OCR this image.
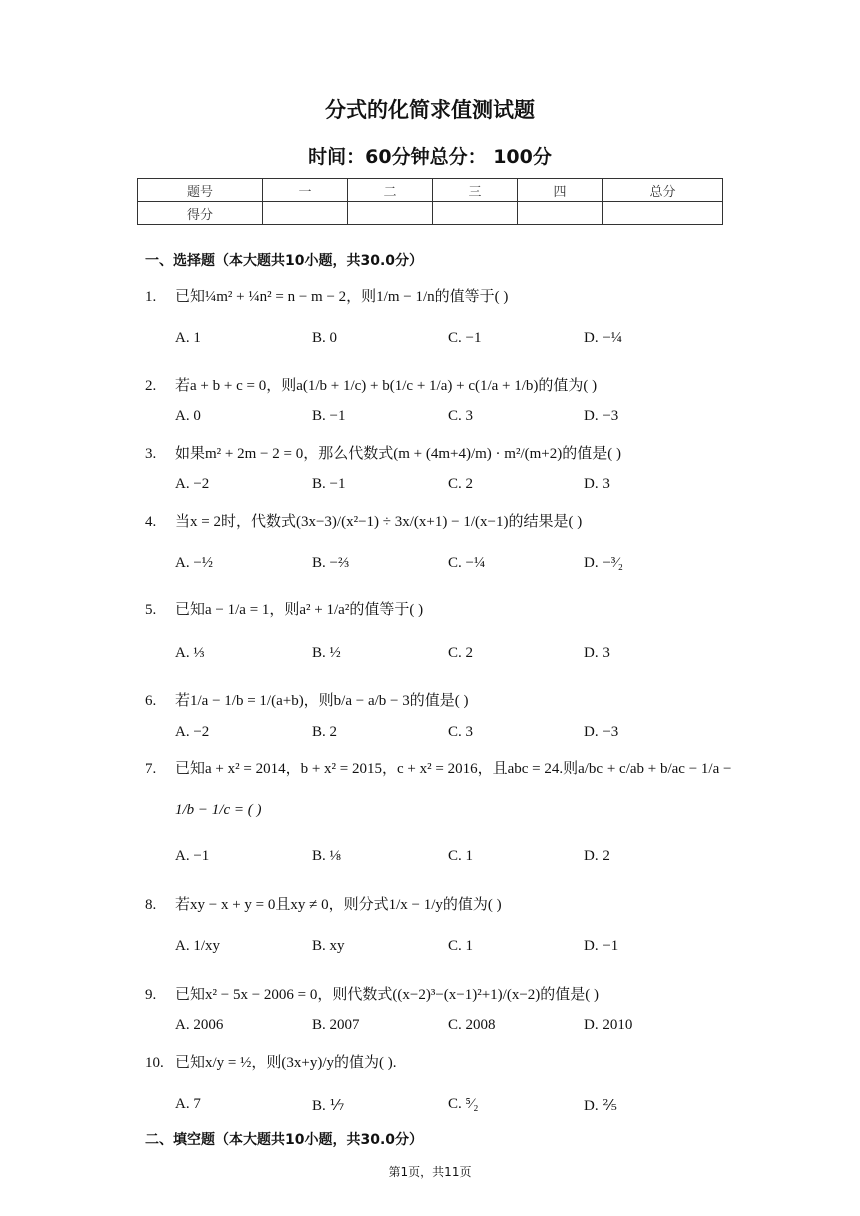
分式的化简求值测试题
时间：60分钟总分： 100分
题号	一	二	三	四	总分
得分					
一、选择题（本大题共10小题，共30.0分）
1. 已知¼m² + ¼n² = n − m − 2，则1/m − 1/n的值等于( )
A. 1	B. 0	C. −1	D. −¼
2. 若a + b + c = 0，则a(1/b + 1/c) + b(1/c + 1/a) + c(1/a + 1/b)的值为( )
A. 0	B. −1	C. 3	D. −3
3. 如果m² + 2m − 2 = 0，那么代数式(m + (4m+4)/m) · m²/(m+2)的值是( )
A. −2	B. −1	C. 2	D. 3
4. 当x = 2时，代数式(3x−3)/(x²−1) ÷ 3x/(x+1) − 1/(x−1)的结果是( )
A. −½	B. −⅔	C. −¼	D. −³⁄₂
5. 已知a − 1/a = 1，则a² + 1/a²的值等于( )
A. ⅓	B. ½	C. 2	D. 3
6. 若1/a − 1/b = 1/(a+b)，则b/a − a/b − 3的值是( )
A. −2	B. 2	C. 3	D. −3
7. 已知a + x² = 2014，b + x² = 2015，c + x² = 2016，且abc = 24.则a/bc + c/ab + b/ac − 1/a −
1/b − 1/c = ( )
A. −1	B. ⅛	C. 1	D. 2
8. 若xy − x + y = 0且xy ≠ 0，则分式1/x − 1/y的值为( )
A. 1/xy	B. xy	C. 1	D. −1
9. 已知x² − 5x − 2006 = 0，则代数式((x−2)³−(x−1)²+1)/(x−2)的值是( )
A. 2006	B. 2007	C. 2008	D. 2010
10. 已知x/y = ½，则(3x+y)/y的值为( ).
A. 7	B. ⅐	C. ⁵⁄₂	D. ⅖
二、填空题（本大题共10小题，共30.0分）
第1页，共11页
